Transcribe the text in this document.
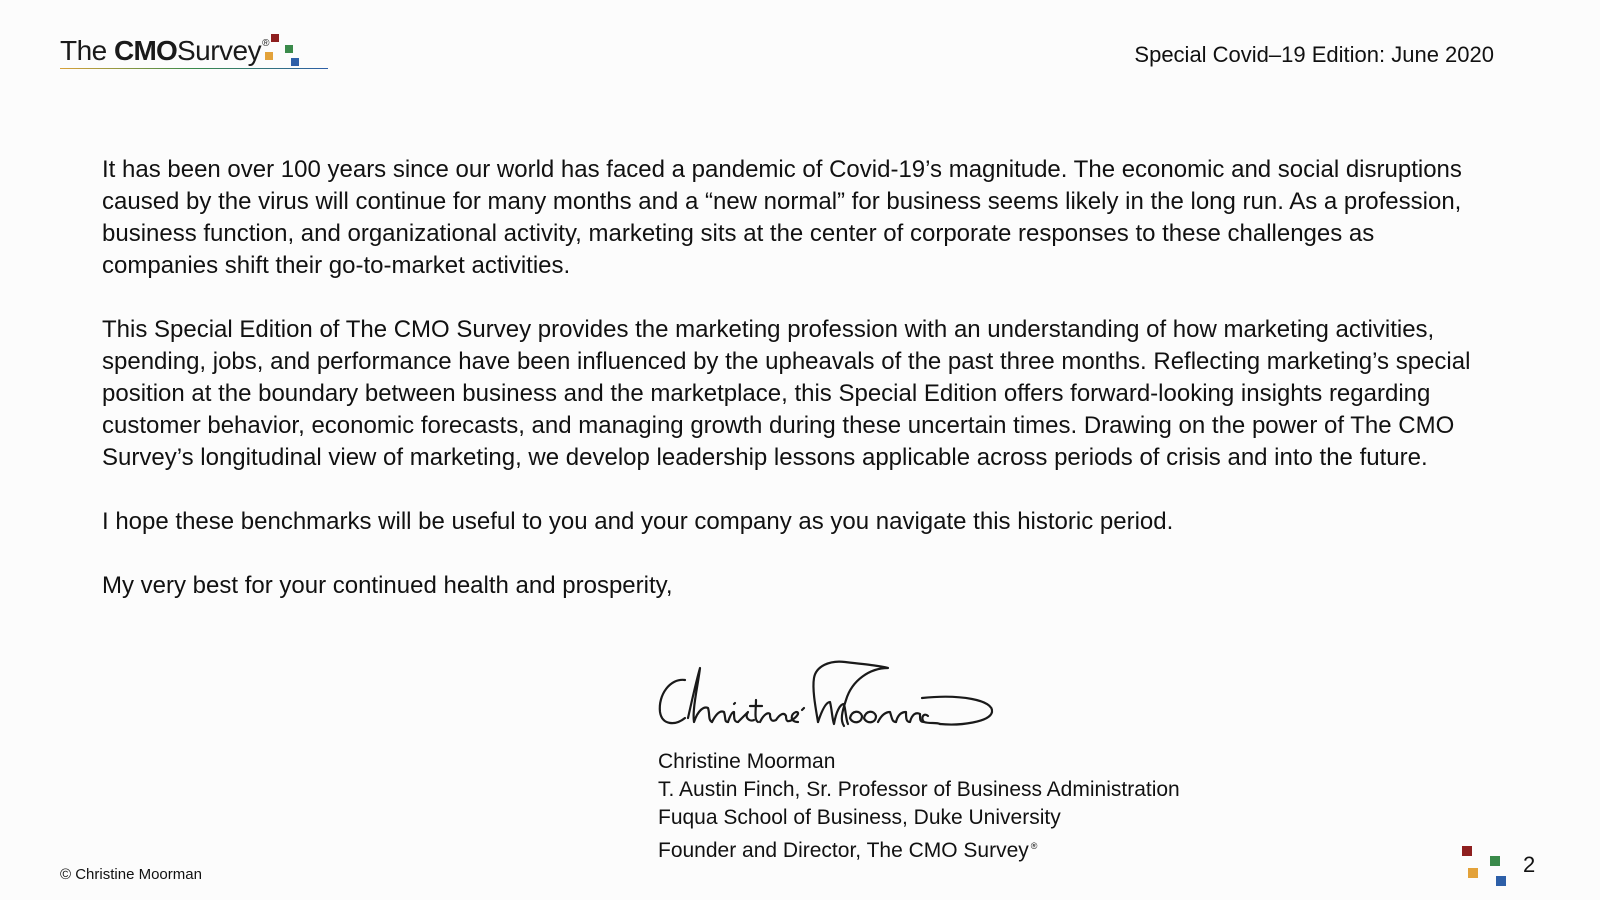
The CMOSurvey®	Special Covid–19 Edition: June 2020

It has been over 100 years since our world has faced a pandemic of Covid-19’s magnitude. The economic and social disruptions caused by the virus will continue for many months and a “new normal” for business seems likely in the long run. As a profession, business function, and organizational activity, marketing sits at the center of corporate responses to these challenges as companies shift their go-to-market activities.

This Special Edition of The CMO Survey provides the marketing profession with an understanding of how marketing activities, spending, jobs, and performance have been influenced by the upheavals of the past three months. Reflecting marketing’s special position at the boundary between business and the marketplace, this Special Edition offers forward-looking insights regarding customer behavior, economic forecasts, and managing growth during these uncertain times. Drawing on the power of The CMO Survey’s longitudinal view of marketing, we develop leadership lessons applicable across periods of crisis and into the future.

I hope these benchmarks will be useful to you and your company as you navigate this historic period.

My very best for your continued health and prosperity,

Christine Moorman
T. Austin Finch, Sr. Professor of Business Administration
Fuqua School of Business, Duke University
Founder and Director, The CMO Survey ®
© Christine Moorman	2
